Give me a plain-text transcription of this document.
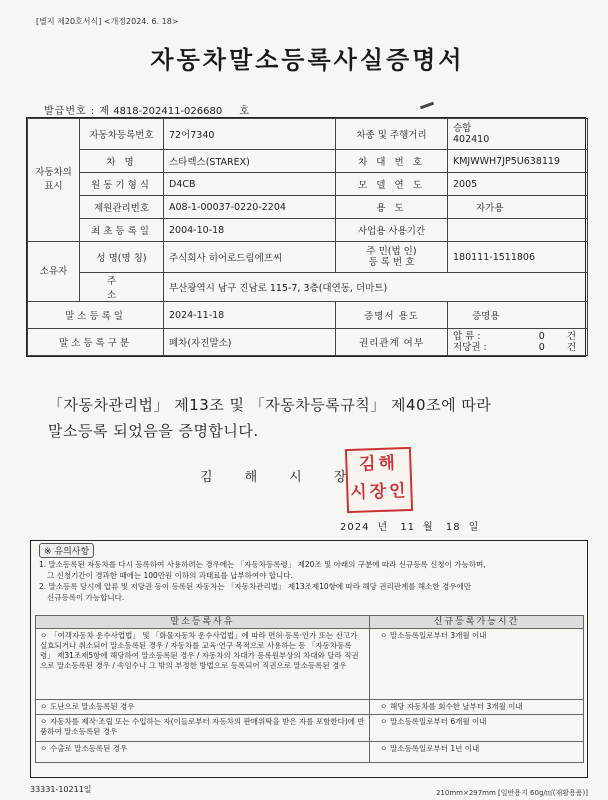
[별지 제20호서식] <개정2024. 6. 18>
자동차말소등록사실증명서
발급번호 : 제 4818-202411-026680 호
자동차의
표시	자동차등록번호	72어7340	차종 및 주행거리	승합
402410
	차 명	스타렉스(STAREX)	차 대 번 호	KMJWWH7JP5U638119
	원동기형식	D4CB	모 델 연 도	2005
	제원관리번호	A08-1-00037-0220-2204	용 도	자가용
	최초등록일	2004-10-18	사업용 사용기간	
소유자	성 명(명 칭)	주식회사 히어로드림에프씨	주 민(법 인)
등 록 번 호	180111-1511806
	주 소	부산광역시 남구 진남로 115-7, 3층(대연동, 더마트)		
말소등록일		2024-11-18	증명서 용도	증명용
말소등록구분		폐차(자진말소)	권리관계 여부	압 류 : 0 건
저당권 : 0 건
「자동차관리법」 제13조 및 「자동차등록규칙」 제40조에 따라
말소등록 되었음을 증명합니다.
김 해 시 장
김해
시장인
2024 년 11 월 18 일
※ 유의사항

1. 말소등록된 자동차를 다시 등록하여 사용하려는 경우에는 「자동차등록령」 제20조 및 아래의 구분에 따라 신규등록 신청이 가능하며,

그 신청기간이 경과한 때에는 100만원 이하의 과태료를 납부하여야 합니다.

2. 말소등록 당시에 압류 및 저당권 등이 등록된 자동차는 「자동차관리법」 제13조제10항에 따라 해당 권리관계를 해소한 경우에만

신규등록이 가능합니다.

말소등록사유	신규등록가능시간
ㅇ 「여객자동차 운수사업법」 및 「화물자동차 운수사업법」에 따라 면허·등록·인가 또는 신고가 실효되거나 취소되어 말소등록된 경우 / 자동차를 교육·연구 목적으로 사용하는 등 「자동차등록령」 제31조제5항에 해당하여 말소등록된 경우 / 자동차의 차대가 등록원부상의 차대와 달라 직권으로 말소등록된 경우 / 속임수나 그 밖의 부정한 방법으로 등록되어 직권으로 말소등록된 경우	ㅇ 말소등록일로부터 3개월 이내
ㅇ 도난으로 말소등록된 경우	ㅇ 해당 자동차를 회수한 날부터 3개월 이내
ㅇ 자동차를 제작·조립 또는 수입하는 자(이들로부터 자동차의 판매위탁을 받은 자를 포함한다)에 반품하여 말소등록된 경우	ㅇ 말소등록일로부터 6개월 이내
ㅇ 수출로 말소등록된 경우	ㅇ 말소등록일로부터 1년 이내
33331-10211일	210mm×297mm [일반용지 60g/㎡(재활용품)]
